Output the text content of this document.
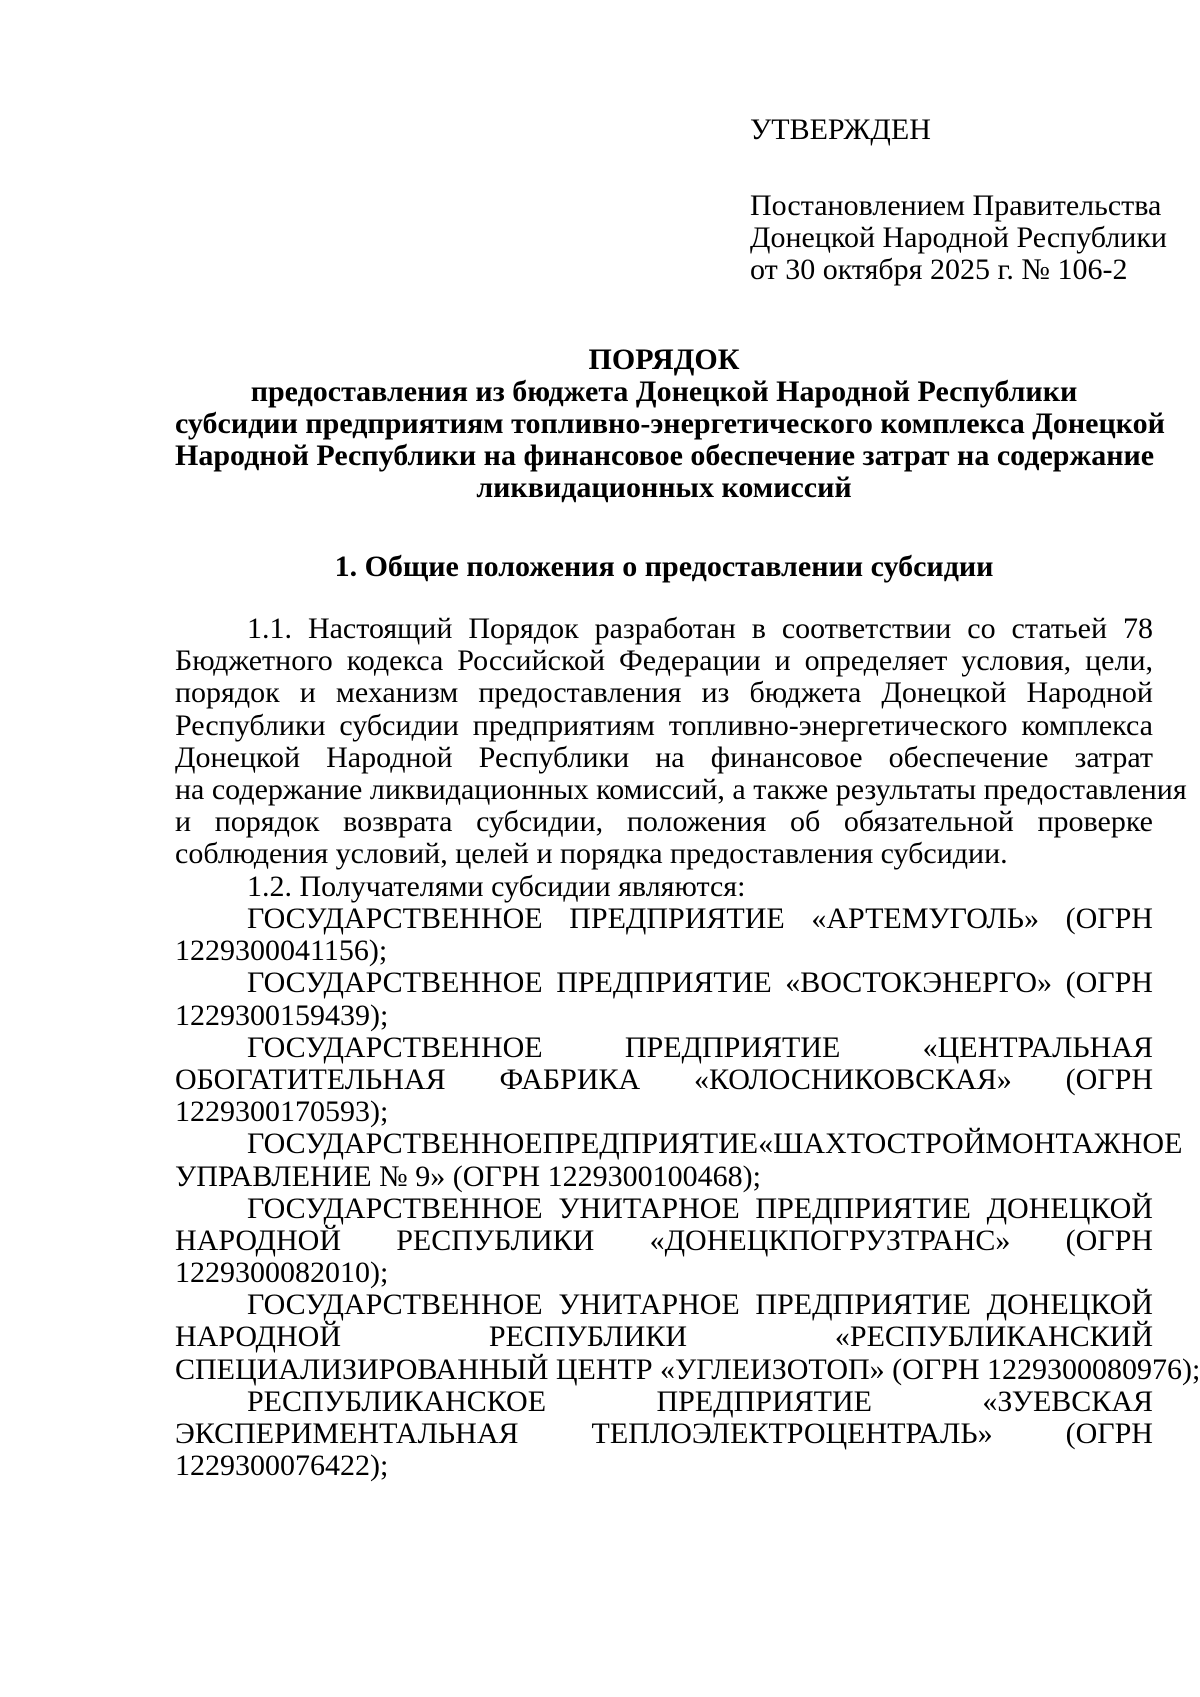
УТВЕРЖДЕН
Постановлением Правительства
Донецкой Народной Республики
от 30 октября 2025 г. № 106-2
ПОРЯДОК
предоставления из бюджета Донецкой Народной Республики
субсидии предприятиям топливно-энергетического комплекса Донецкой
Народной Республики на финансовое обеспечение затрат на содержание
ликвидационных комиссий
1. Общие положения о предоставлении субсидии
1.1. Настоящий Порядок разработан в соответствии со статьей 78
Бюджетного кодекса Российской Федерации и определяет условия, цели,
порядок и механизм предоставления из бюджета Донецкой Народной
Республики субсидии предприятиям топливно-энергетического комплекса
Донецкой Народной Республики на финансовое обеспечение затрат
на содержание ликвидационных комиссий, а также результаты предоставления
и порядок возврата субсидии, положения об обязательной проверке
соблюдения условий, целей и порядка предоставления субсидии.
1.2. Получателями субсидии являются:
ГОСУДАРСТВЕННОЕ ПРЕДПРИЯТИЕ «АРТЕМУГОЛЬ» (ОГРН
1229300041156);
ГОСУДАРСТВЕННОЕ ПРЕДПРИЯТИЕ «ВОСТОКЭНЕРГО» (ОГРН
1229300159439);
ГОСУДАРСТВЕННОЕ	ПРЕДПРИЯТИЕ	«ЦЕНТРАЛЬНАЯ
ОБОГАТИТЕЛЬНАЯ ФАБРИКА «КОЛОСНИКОВСКАЯ» (ОГРН
1229300170593);
ГОСУДАРСТВЕННОЕ ПРЕДПРИЯТИЕ «ШАХТОСТРОЙМОНТАЖНОЕ
УПРАВЛЕНИЕ № 9» (ОГРН 1229300100468);
ГОСУДАРСТВЕННОЕ УНИТАРНОЕ ПРЕДПРИЯТИЕ ДОНЕЦКОЙ
НАРОДНОЙ РЕСПУБЛИКИ «ДОНЕЦКПОГРУЗТРАНС» (ОГРН
1229300082010);
ГОСУДАРСТВЕННОЕ УНИТАРНОЕ ПРЕДПРИЯТИЕ ДОНЕЦКОЙ
НАРОДНОЙ	РЕСПУБЛИКИ	«РЕСПУБЛИКАНСКИЙ
СПЕЦИАЛИЗИРОВАННЫЙ ЦЕНТР «УГЛЕИЗОТОП» (ОГРН 1229300080976);
РЕСПУБЛИКАНСКОЕ	ПРЕДПРИЯТИЕ	«ЗУЕВСКАЯ
ЭКСПЕРИМЕНТАЛЬНАЯ ТЕПЛОЭЛЕКТРОЦЕНТРАЛЬ» (ОГРН
1229300076422);
